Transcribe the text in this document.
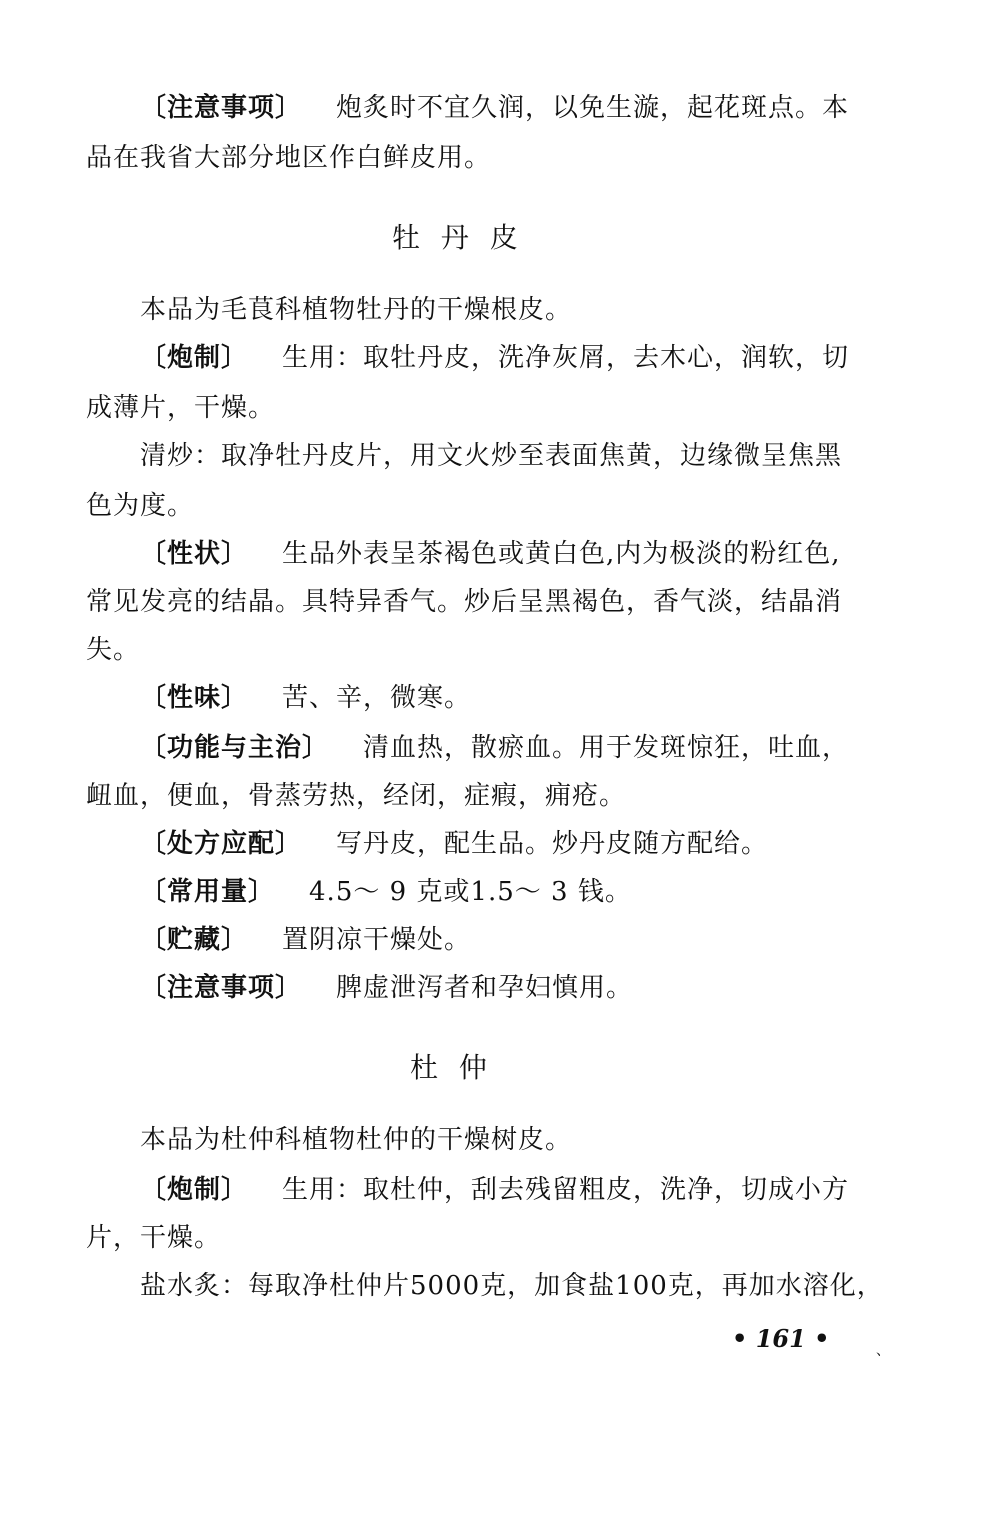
〔注意事项〕 炮炙时不宜久润，以免生漩，起花斑点。本
品在我省大部分地区作白鲜皮用。
牡 丹 皮
本品为毛茛科植物牡丹的干燥根皮。
〔炮制〕 生用：取牡丹皮，洗净灰屑，去木心，润软，切
成薄片，干燥。
清炒：取净牡丹皮片，用文火炒至表面焦黄，边缘微呈焦黑
色为度。
〔性状〕 生品外表呈茶褐色或黄白色,内为极淡的粉红色,
常见发亮的结晶。具特异香气。炒后呈黑褐色，香气淡，结晶消
失。
〔性味〕 苦、辛，微寒。
〔功能与主治〕 清血热，散瘀血。用于发斑惊狂，吐血，
衄血，便血，骨蒸劳热，经闭，症瘕，痈疮。
〔处方应配〕 写丹皮，配生品。炒丹皮随方配给。
〔常用量〕 4.5～ 9 克或1.5～ 3 钱。
〔贮藏〕 置阴凉干燥处。
〔注意事项〕 脾虚泄泻者和孕妇慎用。
杜 仲
本品为杜仲科植物杜仲的干燥树皮。
〔炮制〕 生用：取杜仲，刮去残留粗皮，洗净，切成小方
片，干燥。
盐水炙：每取净杜仲片5000克，加食盐100克，再加水溶化，
• 161 •	、
